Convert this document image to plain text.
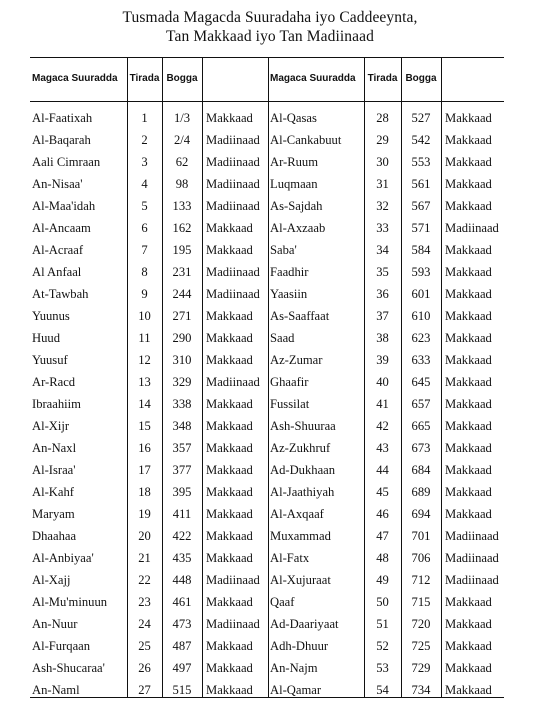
Tusmada Magacda Suuradaha iyo Caddeeynta,
Tan Makkaad iyo Tan Madiinaad
Magaca Suuradda	Tirada	Bogga		Magaca Suuradda	Tirada	Bogga	

Al-Faatixah	1	1/3	Makkaad	Al-Qasas	28	527	Makkaad
Al-Baqarah	2	2/4	Madiinaad	Al-Cankabuut	29	542	Makkaad
Aali Cimraan	3	62	Madiinaad	Ar-Ruum	30	553	Makkaad
An-Nisaa'	4	98	Madiinaad	Luqmaan	31	561	Makkaad
Al-Maa'idah	5	133	Madiinaad	As-Sajdah	32	567	Makkaad
Al-Ancaam	6	162	Makkaad	Al-Axzaab	33	571	Madiinaad
Al-Acraaf	7	195	Makkaad	Saba'	34	584	Makkaad
Al Anfaal	8	231	Madiinaad	Faadhir	35	593	Makkaad
At-Tawbah	9	244	Madiinaad	Yaasiin	36	601	Makkaad
Yuunus	10	271	Makkaad	As-Saaffaat	37	610	Makkaad
Huud	11	290	Makkaad	Saad	38	623	Makkaad
Yuusuf	12	310	Makkaad	Az-Zumar	39	633	Makkaad
Ar-Racd	13	329	Madiinaad	Ghaafir	40	645	Makkaad
Ibraahiim	14	338	Makkaad	Fussilat	41	657	Makkaad
Al-Xijr	15	348	Makkaad	Ash-Shuuraa	42	665	Makkaad
An-Naxl	16	357	Makkaad	Az-Zukhruf	43	673	Makkaad
Al-Israa'	17	377	Makkaad	Ad-Dukhaan	44	684	Makkaad
Al-Kahf	18	395	Makkaad	Al-Jaathiyah	45	689	Makkaad
Maryam	19	411	Makkaad	Al-Axqaaf	46	694	Makkaad
Dhaahaa	20	422	Makkaad	Muxammad	47	701	Madiinaad
Al-Anbiyaa'	21	435	Makkaad	Al-Fatx	48	706	Madiinaad
Al-Xajj	22	448	Madiinaad	Al-Xujuraat	49	712	Madiinaad
Al-Mu'minuun	23	461	Makkaad	Qaaf	50	715	Makkaad
An-Nuur	24	473	Madiinaad	Ad-Daariyaat	51	720	Makkaad
Al-Furqaan	25	487	Makkaad	Adh-Dhuur	52	725	Makkaad
Ash-Shucaraa'	26	497	Makkaad	An-Najm	53	729	Makkaad
An-Naml	27	515	Makkaad	Al-Qamar	54	734	Makkaad
